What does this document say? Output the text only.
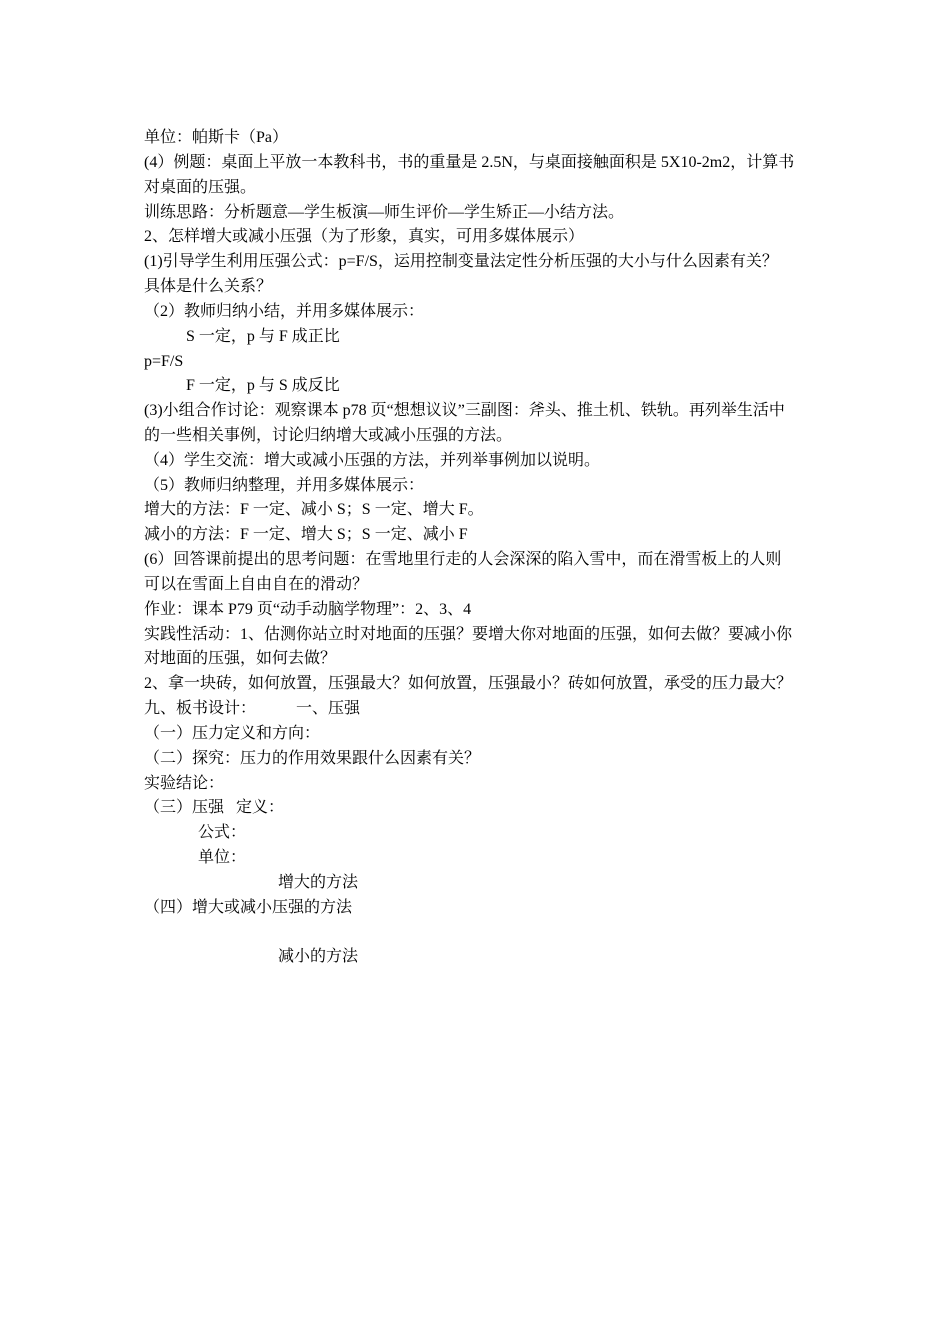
单位：帕斯卡（Pa）
(4）例题：桌面上平放一本教科书，书的重量是 2.5N，与桌面接触面积是 5X10-2m2，计算书
对桌面的压强。
训练思路：分析题意—学生板演—师生评价—学生矫正—小结方法。
2、怎样增大或减小压强（为了形象，真实，可用多媒体展示）
(1)引导学生利用压强公式：p=F/S，运用控制变量法定性分析压强的大小与什么因素有关？
具体是什么关系？
（2）教师归纳小结，并用多媒体展示：
S 一定，p 与 F 成正比
p=F/S
F 一定，p 与 S 成反比
(3)小组合作讨论：观察课本 p78 页“想想议议”三副图：斧头、推土机、铁轨。再列举生活中
的一些相关事例，讨论归纳增大或减小压强的方法。
（4）学生交流：增大或减小压强的方法，并列举事例加以说明。
（5）教师归纳整理，并用多媒体展示：
增大的方法：F 一定、减小 S；S 一定、增大 F。
减小的方法：F 一定、增大 S；S 一定、减小 F
(6）回答课前提出的思考问题：在雪地里行走的人会深深的陷入雪中，而在滑雪板上的人则
可以在雪面上自由自在的滑动？
作业：课本 P79 页“动手动脑学物理”：2、3、4
实践性活动：1、估测你站立时对地面的压强？要增大你对地面的压强，如何去做？要减小你
对地面的压强，如何去做？
2、拿一块砖，如何放置，压强最大？如何放置，压强最小？砖如何放置，承受的压力最大？
九、板书设计：          一、压强
（一）压力定义和方向：
（二）探究：压力的作用效果跟什么因素有关？
实验结论：
（三）压强   定义：
公式：
单位：
增大的方法
（四）增大或减小压强的方法
减小的方法
